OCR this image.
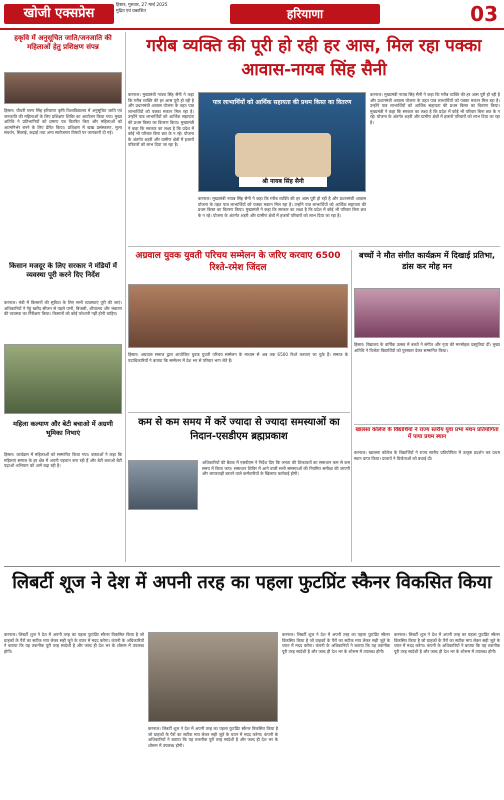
खोजी एक्सप्रेस
हिसार, गुरुवार, 27 मार्च 2025
मुद्रित एवं प्रकाशित	हरियाणा	03
हकृवि में अनुसूचित जाति/जनजाति की महिलाओं हेतु प्रशिक्षण संपन्न
हिसार। चौधरी चरण सिंह हरियाणा कृषि विश्वविद्यालय में अनुसूचित जाति एवं जनजाति की महिलाओं के लिए प्रशिक्षण शिविर का आयोजन किया गया। मुख्य अतिथि ने प्रतिभागियों को प्रमाण पत्र वितरित किए और महिलाओं को आत्मनिर्भर बनने के लिए प्रेरित किया। प्रशिक्षण में खाद्य प्रसंस्करण, मूल्य संवर्धन, सिलाई, कढ़ाई तथा अन्य स्वरोजगार विषयों पर जानकारी दी गई।
किसान मजदूर के लिए सरकार ने मंडियों में व्यवस्था पूरी करने दिए निर्देश
करनाल। मंडी में किसानों की सुविधा के लिए सभी व्यवस्थाएं पूरी की जाएं। अधिकारियों ने गेहूं खरीद सीजन से पहले पानी, बिजली, शौचालय और भंडारण की व्यवस्था का निरीक्षण किया। किसानों को कोई परेशानी नहीं होनी चाहिए।
महिला कल्याण और बेटी बचाओ में अग्रणी भूमिका निभाएं
हिसार। कार्यक्रम में महिलाओं को सम्मानित किया गया। वक्ताओं ने कहा कि महिलाएं समाज के हर क्षेत्र में अपनी पहचान बना रही हैं और बेटी बचाओ बेटी पढ़ाओ अभियान को आगे बढ़ा रही हैं।
गरीब व्यक्ति की पूरी हो रही हर आस, मिल रहा पक्का आवास-नायब सिंह सैनी
करनाल। मुख्यमंत्री नायब सिंह सैनी ने कहा कि गरीब व्यक्ति की हर आस पूरी हो रही है और प्रधानमंत्री आवास योजना के तहत पात्र लाभार्थियों को पक्का मकान मिल रहा है। उन्होंने पात्र लाभार्थियों को आर्थिक सहायता की प्रथम किस्त का वितरण किया। मुख्यमंत्री ने कहा कि सरकार का लक्ष्य है कि प्रदेश में कोई भी परिवार बिना छत के न रहे। योजना के अंतर्गत शहरी और ग्रामीण क्षेत्रों में हजारों परिवारों को लाभ दिया जा रहा है।
पात्र लाभार्थियों को आर्थिक सहायता की प्रथम किस्त का वितरण
श्री नायब सिंह सैनी
करनाल। मुख्यमंत्री नायब सिंह सैनी ने कहा कि गरीब व्यक्ति की हर आस पूरी हो रही है और प्रधानमंत्री आवास योजना के तहत पात्र लाभार्थियों को पक्का मकान मिल रहा है। उन्होंने पात्र लाभार्थियों को आर्थिक सहायता की प्रथम किस्त का वितरण किया। मुख्यमंत्री ने कहा कि सरकार का लक्ष्य है कि प्रदेश में कोई भी परिवार बिना छत के न रहे। योजना के अंतर्गत शहरी और ग्रामीण क्षेत्रों में हजारों परिवारों को लाभ दिया जा रहा है।
करनाल। मुख्यमंत्री नायब सिंह सैनी ने कहा कि गरीब व्यक्ति की हर आस पूरी हो रही है और प्रधानमंत्री आवास योजना के तहत पात्र लाभार्थियों को पक्का मकान मिल रहा है। उन्होंने पात्र लाभार्थियों को आर्थिक सहायता की प्रथम किस्त का वितरण किया। मुख्यमंत्री ने कहा कि सरकार का लक्ष्य है कि प्रदेश में कोई भी परिवार बिना छत के न रहे। योजना के अंतर्गत शहरी और ग्रामीण क्षेत्रों में हजारों परिवारों को लाभ दिया जा रहा है।
अग्रवाल युवक युवती परिचय सम्मेलन के जरिए करवाए 6500 रिश्ते-रमेश जिंदल
हिसार। अग्रवाल समाज द्वारा आयोजित युवक युवती परिचय सम्मेलन के माध्यम से अब तक 6500 रिश्ते करवाए जा चुके हैं। समाज के पदाधिकारियों ने बताया कि सम्मेलन में देश भर से परिवार भाग लेते हैं।
बच्चों ने मौत संगीत कार्यक्रम में दिखाई प्रतिभा, डांस कर मोह मन
हिसार। विद्यालय के वार्षिक उत्सव में बच्चों ने संगीत और नृत्य की मनमोहक प्रस्तुतियां दीं। मुख्य अतिथि ने विजेता विद्यार्थियों को पुरस्कार देकर सम्मानित किया।
खालसा कॉलेज के विद्यार्थियों ने राज्य स्तरीय युवा प्रभा मंथन प्रतियोगिता में पाया प्रथम स्थान
करनाल। खालसा कॉलेज के विद्यार्थियों ने राज्य स्तरीय प्रतियोगिता में उत्कृष्ट प्रदर्शन कर प्रथम स्थान प्राप्त किया। प्राचार्य ने विजेताओं को बधाई दी।
कम से कम समय में करें ज्यादा से ज्यादा समस्याओं का निदान-एसडीएम ब्रह्मप्रकाश
अधिकारियों की बैठक में एसडीएम ने निर्देश दिए कि जनता की शिकायतों का समाधान कम से कम समय में किया जाए। समाधान शिविर में आने वाली सभी समस्याओं की नियमित समीक्षा की जाएगी और लापरवाही बरतने वाले कर्मचारियों के खिलाफ कार्रवाई होगी।
लिबर्टी शूज ने देश में अपनी तरह का पहला फुटप्रिंट स्कैनर विकसित किया
करनाल। लिबर्टी शूज ने देश में अपनी तरह का पहला फुटप्रिंट स्कैनर विकसित किया है जो ग्राहकों के पैरों का सटीक माप लेकर सही जूते के चयन में मदद करेगा। कंपनी के अधिकारियों ने बताया कि यह तकनीक पूरी तरह स्वदेशी है और जल्द ही देश भर के शोरूम में उपलब्ध होगी।
करनाल। लिबर्टी शूज ने देश में अपनी तरह का पहला फुटप्रिंट स्कैनर विकसित किया है जो ग्राहकों के पैरों का सटीक माप लेकर सही जूते के चयन में मदद करेगा। कंपनी के अधिकारियों ने बताया कि यह तकनीक पूरी तरह स्वदेशी है और जल्द ही देश भर के शोरूम में उपलब्ध होगी।
करनाल। लिबर्टी शूज ने देश में अपनी तरह का पहला फुटप्रिंट स्कैनर विकसित किया है जो ग्राहकों के पैरों का सटीक माप लेकर सही जूते के चयन में मदद करेगा। कंपनी के अधिकारियों ने बताया कि यह तकनीक पूरी तरह स्वदेशी है और जल्द ही देश भर के शोरूम में उपलब्ध होगी।
करनाल। लिबर्टी शूज ने देश में अपनी तरह का पहला फुटप्रिंट स्कैनर विकसित किया है जो ग्राहकों के पैरों का सटीक माप लेकर सही जूते के चयन में मदद करेगा। कंपनी के अधिकारियों ने बताया कि यह तकनीक पूरी तरह स्वदेशी है और जल्द ही देश भर के शोरूम में उपलब्ध होगी।
